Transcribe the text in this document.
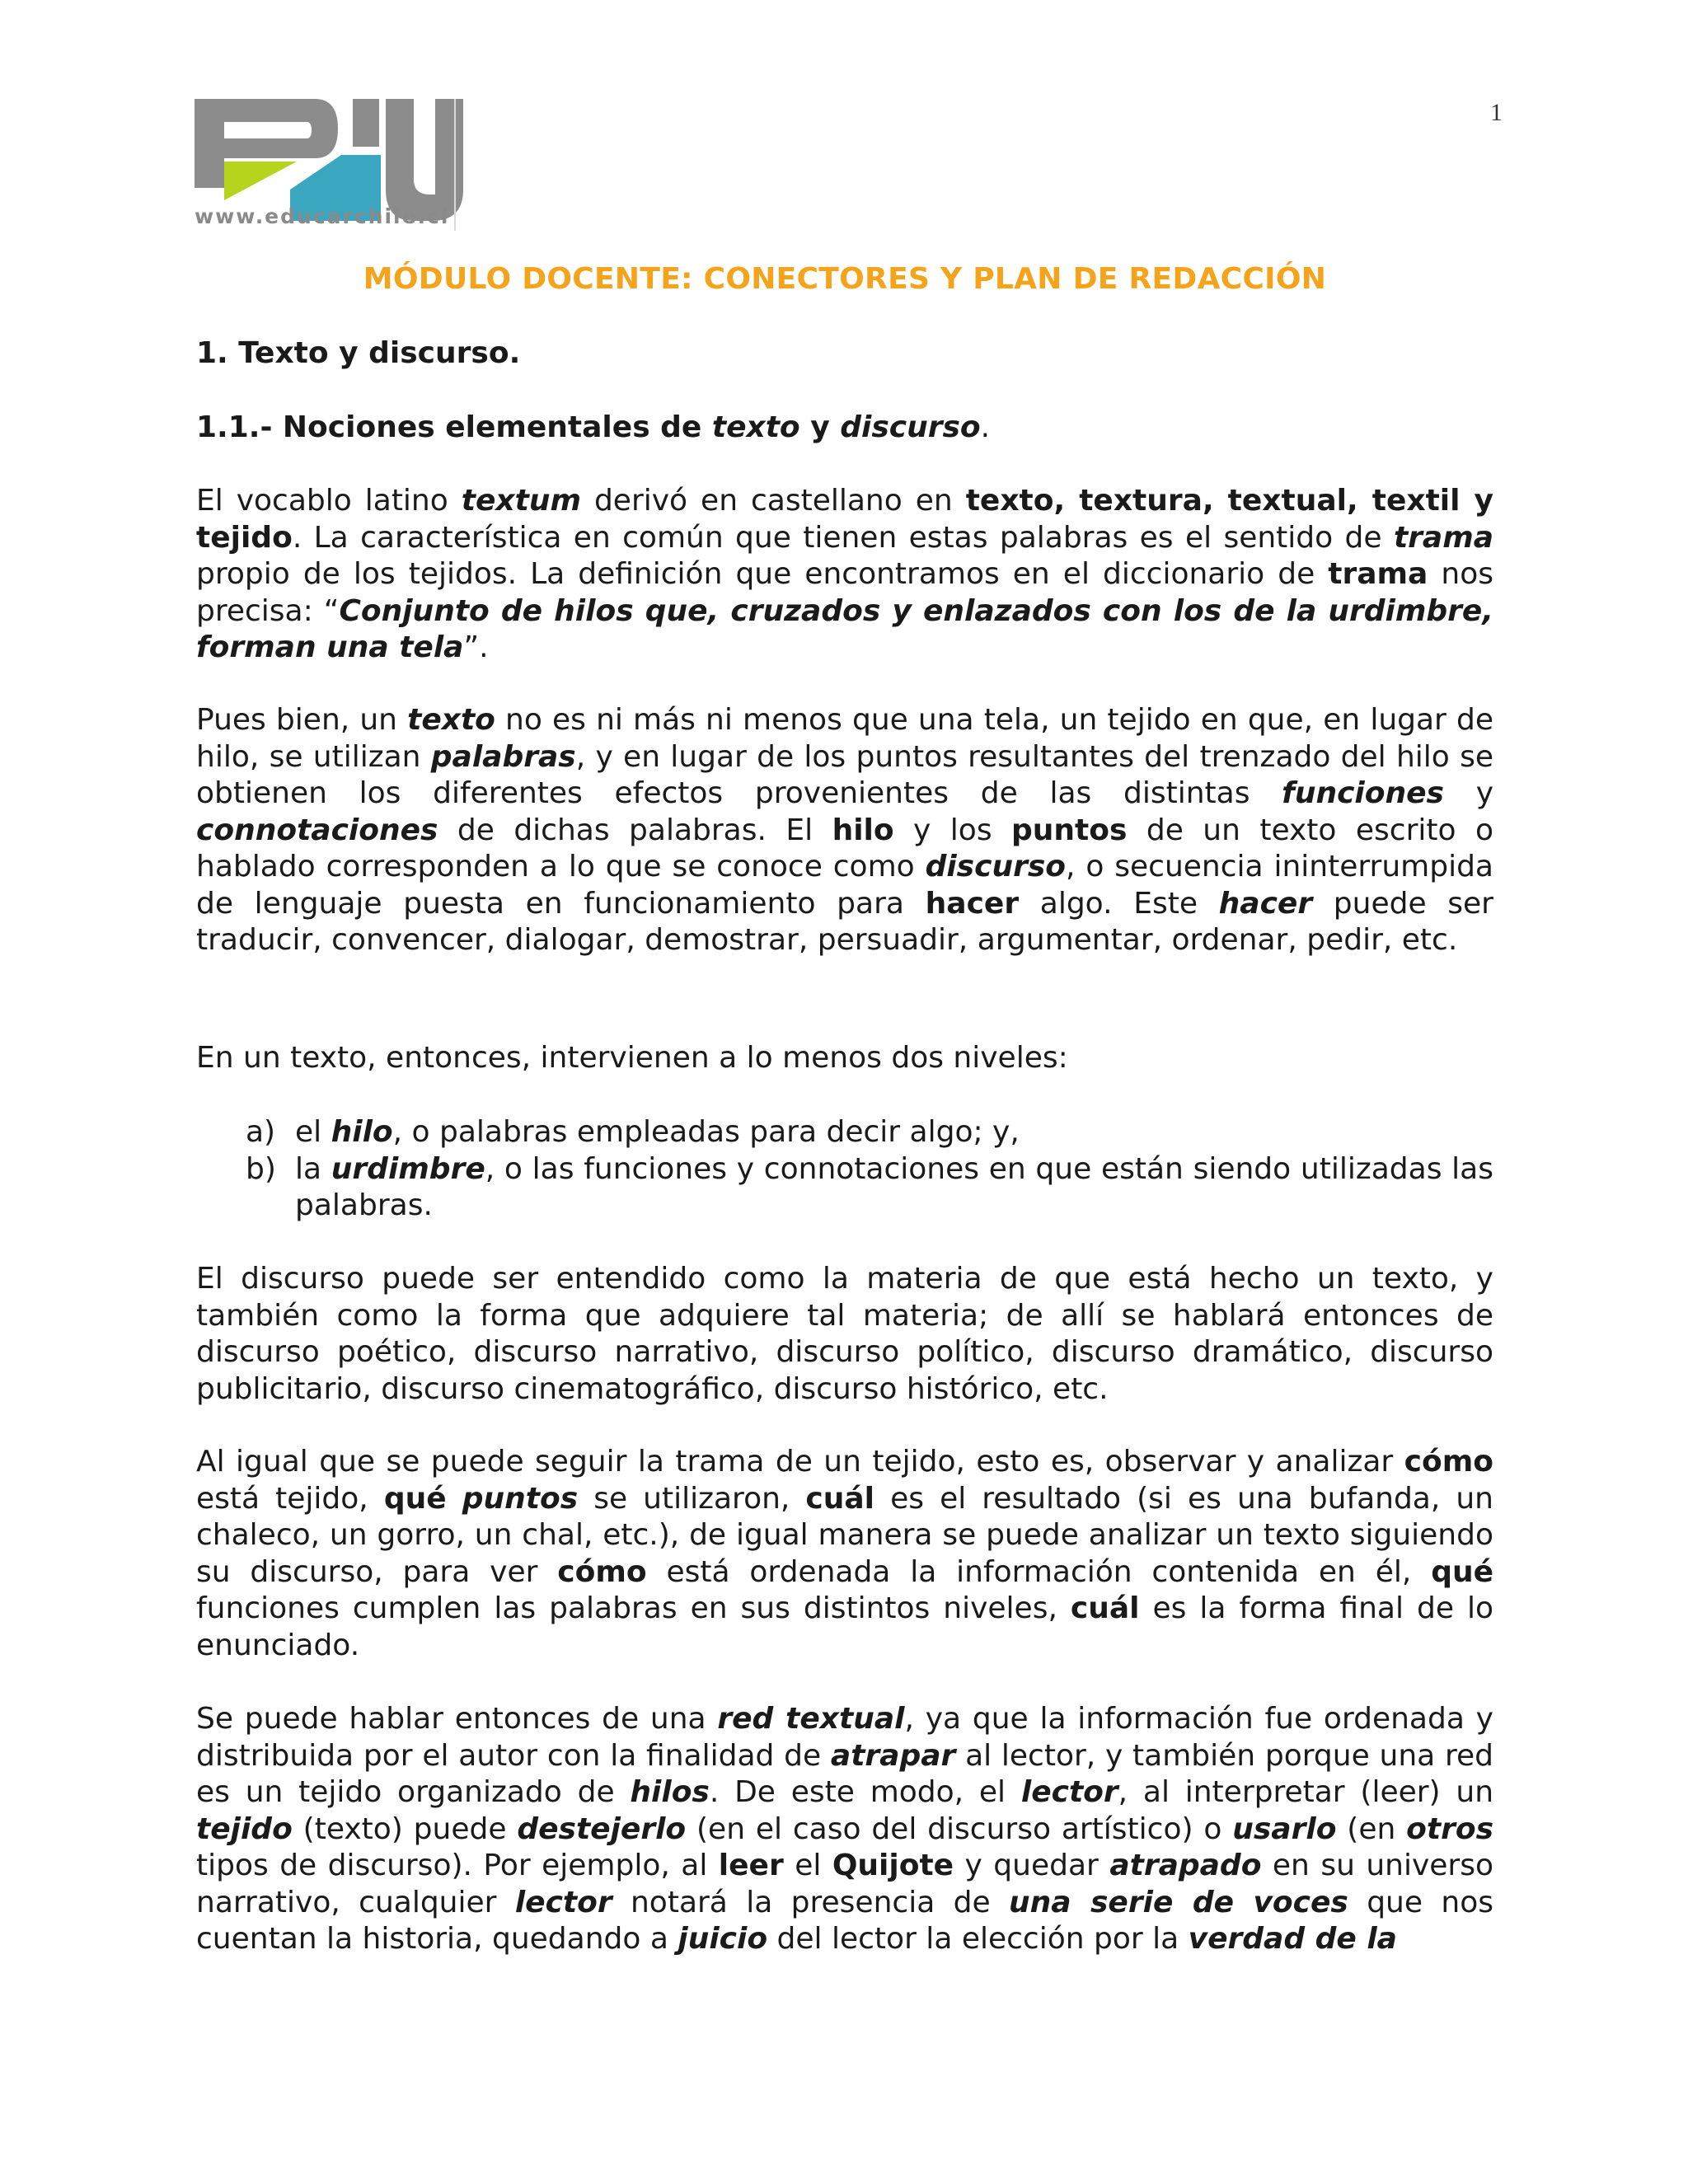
1

www.educarchile.cl

MÓDULO DOCENTE: CONECTORES Y PLAN DE REDACCIÓN
1. Texto y discurso.
1.1.- Nociones elementales de texto y discurso.

El vocablo latino textum derivó en castellano en texto, textura, textual, textil y tejido. La característica en común que tienen estas palabras es el sentido de trama propio de los tejidos. La definición que encontramos en el diccionario de trama nos precisa: “Conjunto de hilos que, cruzados y enlazados con los de la urdimbre, forman una tela”.

Pues bien, un texto no es ni más ni menos que una tela, un tejido en que, en lugar de hilo, se utilizan palabras, y en lugar de los puntos resultantes del trenzado del hilo se obtienen los diferentes efectos provenientes de las distintas funciones y connotaciones de dichas palabras. El hilo y los puntos de un texto escrito o hablado corresponden a lo que se conoce como discurso, o secuencia ininterrumpida de lenguaje puesta en funcionamiento para hacer algo. Este hacer puede ser traducir, convencer, dialogar, demostrar, persuadir, argumentar, ordenar, pedir, etc.

En un texto, entonces, intervienen a lo menos dos niveles:

a) el hilo, o palabras empleadas para decir algo; y,
b) la urdimbre, o las funciones y connotaciones en que están siendo utilizadas las palabras.

El discurso puede ser entendido como la materia de que está hecho un texto, y también como la forma que adquiere tal materia; de allí se hablará entonces de discurso poético, discurso narrativo, discurso político, discurso dramático, discurso publicitario, discurso cinematográfico, discurso histórico, etc.

Al igual que se puede seguir la trama de un tejido, esto es, observar y analizar cómo está tejido, qué puntos se utilizaron, cuál es el resultado (si es una bufanda, un chaleco, un gorro, un chal, etc.), de igual manera se puede analizar un texto siguiendo su discurso, para ver cómo está ordenada la información contenida en él, qué funciones cumplen las palabras en sus distintos niveles, cuál es la forma final de lo enunciado.

Se puede hablar entonces de una red textual, ya que la información fue ordenada y distribuida por el autor con la finalidad de atrapar al lector, y también porque una red es un tejido organizado de hilos. De este modo, el lector, al interpretar (leer) un tejido (texto) puede destejerlo (en el caso del discurso artístico) o usarlo (en otros tipos de discurso). Por ejemplo, al leer el Quijote y quedar atrapado en su universo narrativo, cualquier lector notará la presencia de una serie de voces que nos cuentan la historia, quedando a juicio del lector la elección por la verdad de la
